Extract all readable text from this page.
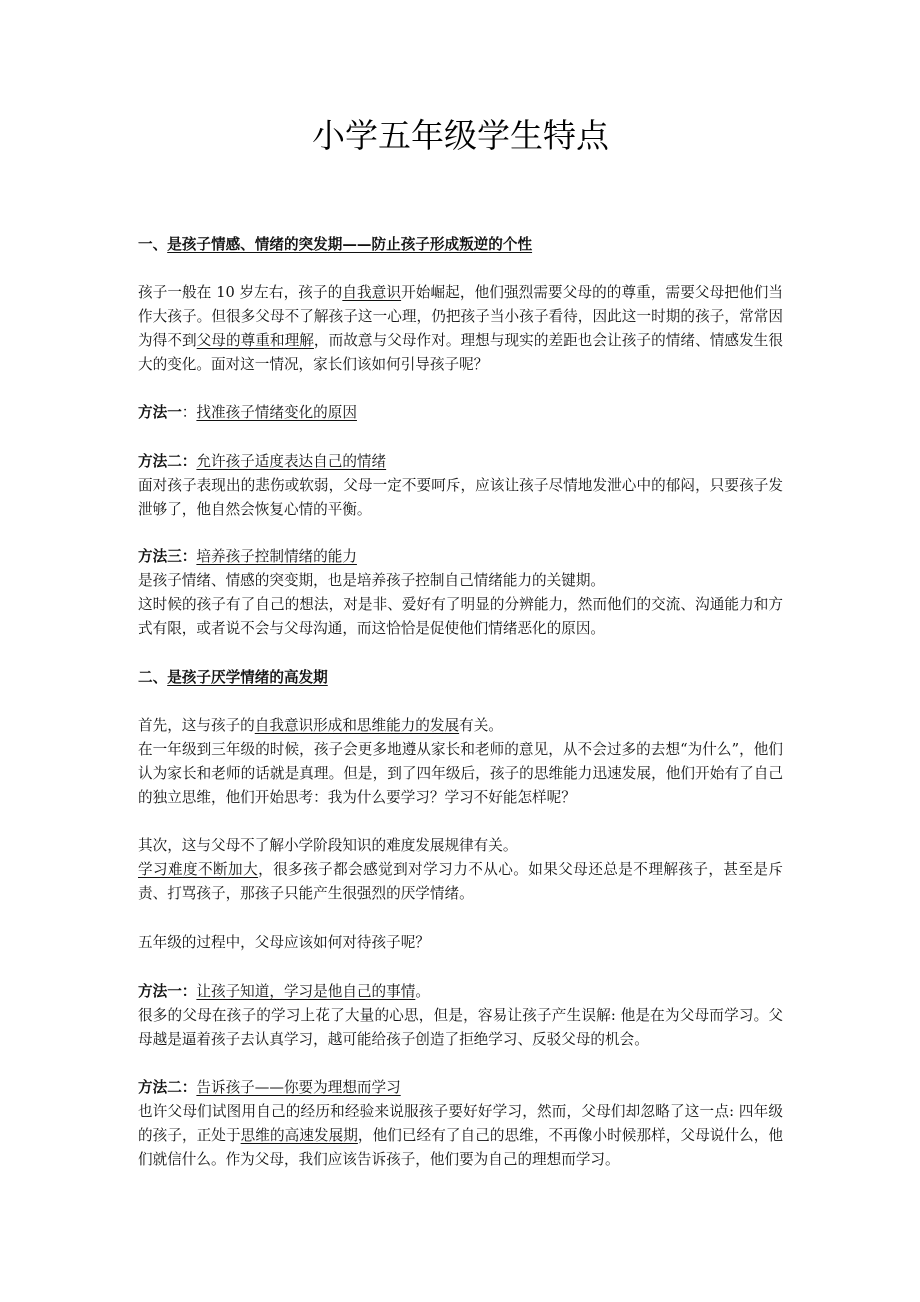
小学五年级学生特点
一、是孩子情感、情绪的突发期——防止孩子形成叛逆的个性
孩子一般在 10 岁左右，孩子的自我意识开始崛起，他们强烈需要父母的的尊重，需要父母把他们当作大孩子。但很多父母不了解孩子这一心理，仍把孩子当小孩子看待，因此这一时期的孩子，常常因为得不到父母的尊重和理解，而故意与父母作对。理想与现实的差距也会让孩子的情绪、情感发生很大的变化。面对这一情况，家长们该如何引导孩子呢？
方法一：找准孩子情绪变化的原因

方法二：允许孩子适度表达自己的情绪

面对孩子表现出的悲伤或软弱，父母一定不要呵斥，应该让孩子尽情地发泄心中的郁闷，只要孩子发泄够了，他自然会恢复心情的平衡。

方法三：培养孩子控制情绪的能力

是孩子情绪、情感的突变期，也是培养孩子控制自己情绪能力的关键期。

这时候的孩子有了自己的想法，对是非、爱好有了明显的分辨能力，然而他们的交流、沟通能力和方式有限，或者说不会与父母沟通，而这恰恰是促使他们情绪恶化的原因。

二、是孩子厌学情绪的高发期

首先，这与孩子的自我意识形成和思维能力的发展有关。

在一年级到三年级的时候，孩子会更多地遵从家长和老师的意见，从不会过多的去想“为什么”，他们认为家长和老师的话就是真理。但是，到了四年级后，孩子的思维能力迅速发展，他们开始有了自己的独立思维，他们开始思考：我为什么要学习？学习不好能怎样呢？

其次，这与父母不了解小学阶段知识的难度发展规律有关。

学习难度不断加大，很多孩子都会感觉到对学习力不从心。如果父母还总是不理解孩子，甚至是斥责、打骂孩子，那孩子只能产生很强烈的厌学情绪。

五年级的过程中，父母应该如何对待孩子呢？

方法一：让孩子知道，学习是他自己的事情。

很多的父母在孩子的学习上花了大量的心思，但是，容易让孩子产生误解: 他是在为父母而学习。父母越是逼着孩子去认真学习，越可能给孩子创造了拒绝学习、反驳父母的机会。

方法二：告诉孩子——你要为理想而学习

也许父母们试图用自己的经历和经验来说服孩子要好好学习，然而，父母们却忽略了这一点: 四年级的孩子，正处于思维的高速发展期，他们已经有了自己的思维，不再像小时候那样，父母说什么，他们就信什么。作为父母，我们应该告诉孩子，他们要为自己的理想而学习。
